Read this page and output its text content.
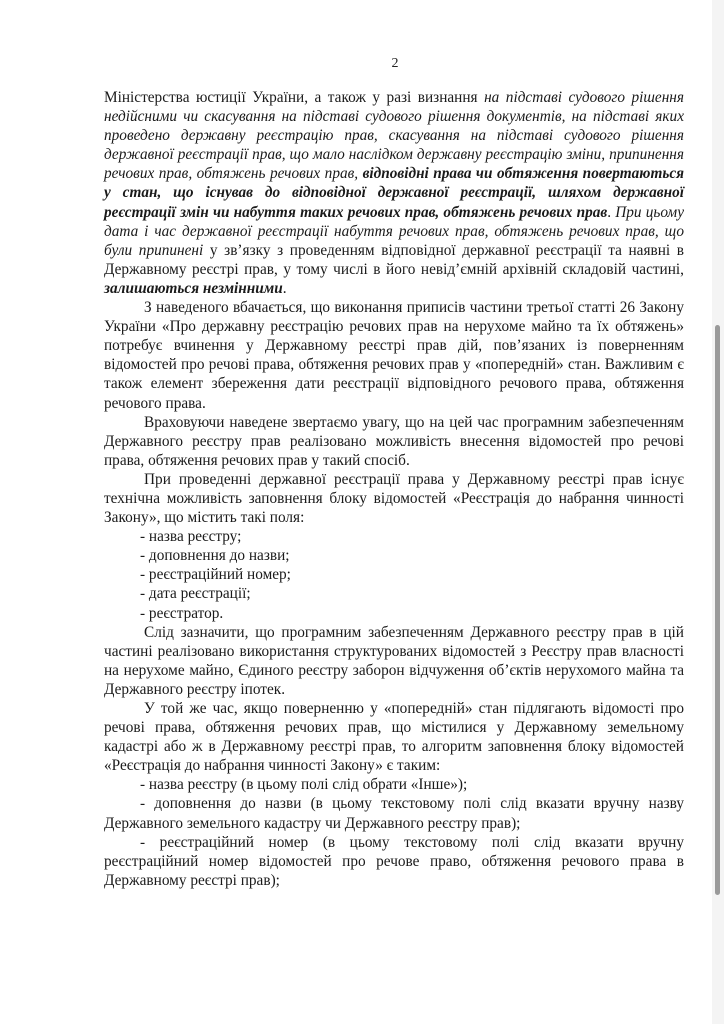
2

Міністерства юстиції України, а також у разі визнання на підставі судового рішення недійсними чи скасування на підставі судового рішення документів, на підставі яких проведено державну реєстрацію прав, скасування на підставі судового рішення державної реєстрації прав, що мало наслідком державну реєстрацію зміни, припинення речових прав, обтяжень речових прав, відповідні права чи обтяження повертаються у стан, що існував до відповідної державної реєстрації, шляхом державної реєстрації змін чи набуття таких речових прав, обтяжень речових прав. При цьому дата і час державної реєстрації набуття речових прав, обтяжень речових прав, що були припинені у зв’язку з проведенням відповідної державної реєстрації та наявні в Державному реєстрі прав, у тому числі в його невід’ємній архівній складовій частині, залишаються незмінними.

З наведеного вбачається, що виконання приписів частини третьої статті 26 Закону України «Про державну реєстрацію речових прав на нерухоме майно та їх обтяжень» потребує вчинення у Державному реєстрі прав дій, пов’язаних із поверненням відомостей про речові права, обтяження речових прав у «попередній» стан. Важливим є також елемент збереження дати реєстрації відповідного речового права, обтяження речового права.

Враховуючи наведене звертаємо увагу, що на цей час програмним забезпеченням Державного реєстру прав реалізовано можливість внесення відомостей про речові права, обтяження речових прав у такий спосіб.

При проведенні державної реєстрації права у Державному реєстрі прав існує технічна можливість заповнення блоку відомостей «Реєстрація до набрання чинності Закону», що містить такі поля:

- назва реєстру;

- доповнення до назви;

- реєстраційний номер;

- дата реєстрації;

- реєстратор.

Слід зазначити, що програмним забезпеченням Державного реєстру прав в цій частині реалізовано використання структурованих відомостей з Реєстру прав власності на нерухоме майно, Єдиного реєстру заборон відчуження об’єктів нерухомого майна та Державного реєстру іпотек.

У той же час, якщо поверненню у «попередній» стан підлягають відомості про речові права, обтяження речових прав, що містилися у Державному земельному кадастрі або ж в Державному реєстрі прав, то алгоритм заповнення блоку відомостей «Реєстрація до набрання чинності Закону» є таким:

- назва реєстру (в цьому полі слід обрати «Інше»);

- доповнення до назви (в цьому текстовому полі слід вказати вручну назву Державного земельного кадастру чи Державного реєстру прав);

- реєстраційний номер (в цьому текстовому полі слід вказати вручну реєстраційний номер відомостей про речове право, обтяження речового права в Державному реєстрі прав);
